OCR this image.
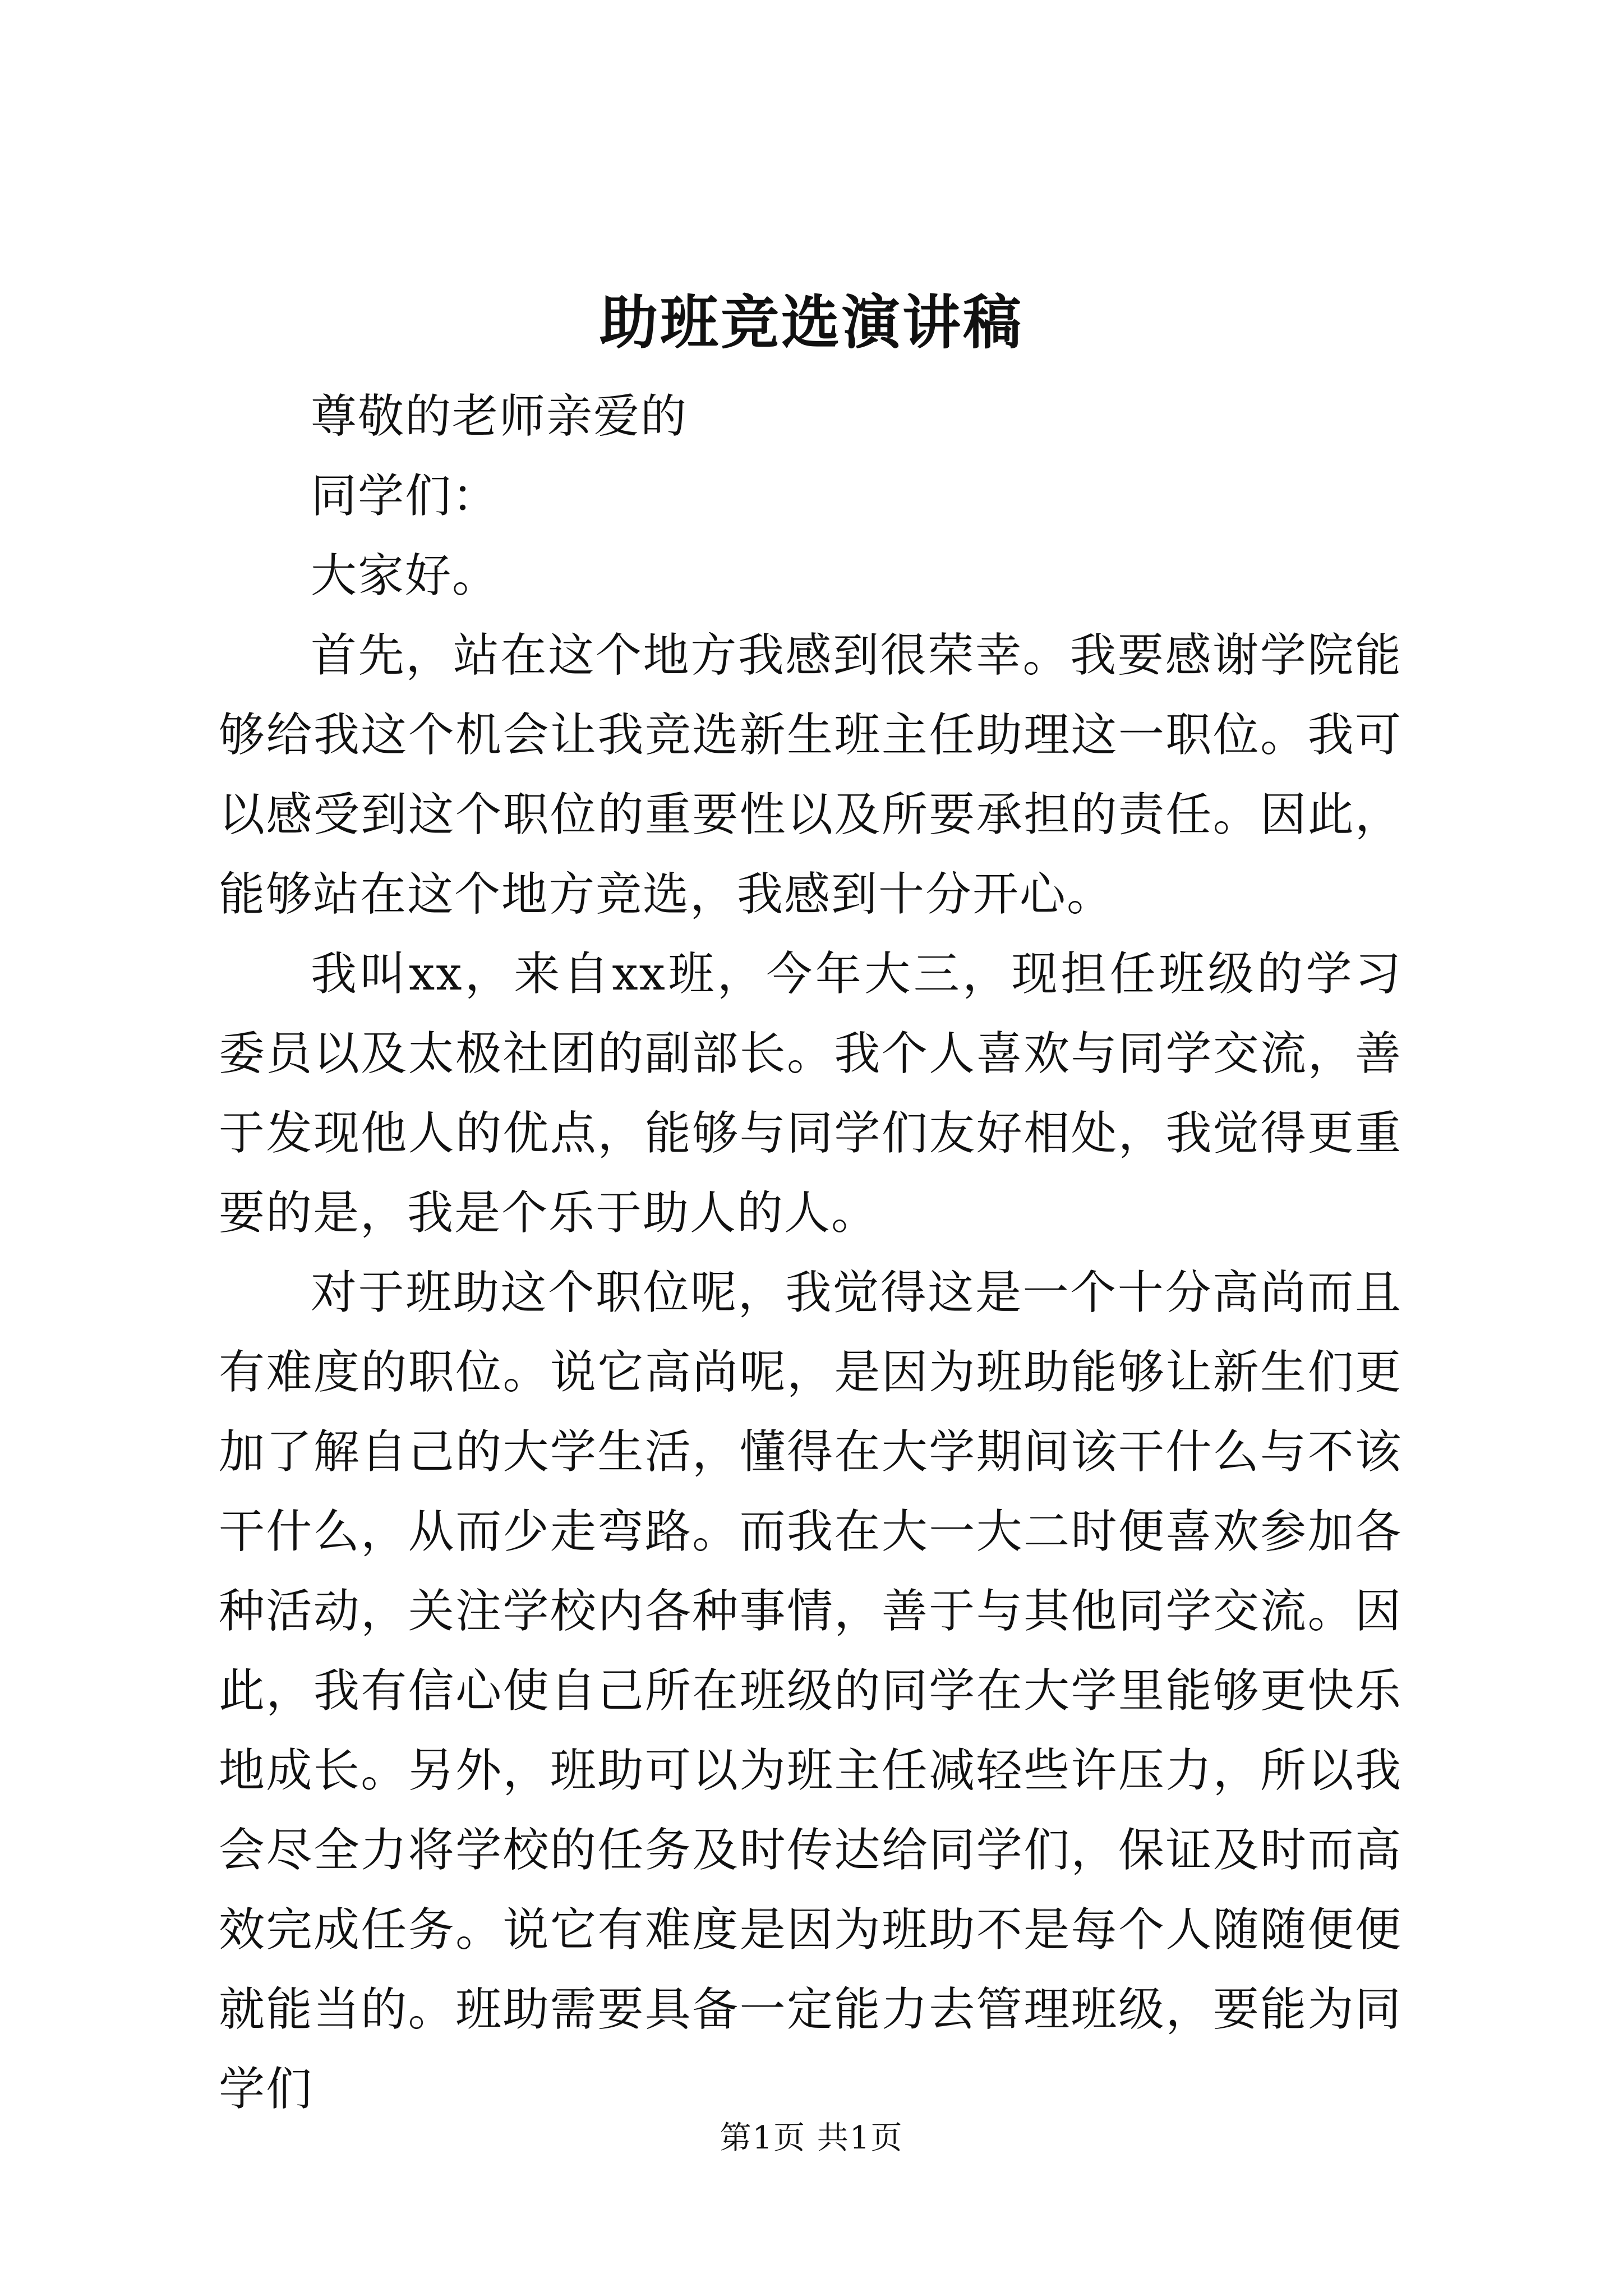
助班竞选演讲稿

尊敬的老师亲爱的

同学们：

大家好。

首先，站在这个地方我感到很荣幸。我要感谢学院能够给我这个机会让我竞选新生班主任助理这一职位。我可以感受到这个职位的重要性以及所要承担的责任。因此，能够站在这个地方竞选，我感到十分开心。

我叫xx，来自xx班，今年大三，现担任班级的学习委员以及太极社团的副部长。我个人喜欢与同学交流，善于发现他人的优点，能够与同学们友好相处，我觉得更重要的是，我是个乐于助人的人。

对于班助这个职位呢，我觉得这是一个十分高尚而且有难度的职位。说它高尚呢，是因为班助能够让新生们更加了解自己的大学生活，懂得在大学期间该干什么与不该干什么，从而少走弯路。而我在大一大二时便喜欢参加各种活动，关注学校内各种事情，善于与其他同学交流。因此，我有信心使自己所在班级的同学在大学里能够更快乐地成长。另外，班助可以为班主任减轻些许压力，所以我会尽全力将学校的任务及时传达给同学们，保证及时而高效完成任务。说它有难度是因为班助不是每个人随随便便就能当的。班助需要具备一定能力去管理班级，要能为同学们

第1页 共1页
